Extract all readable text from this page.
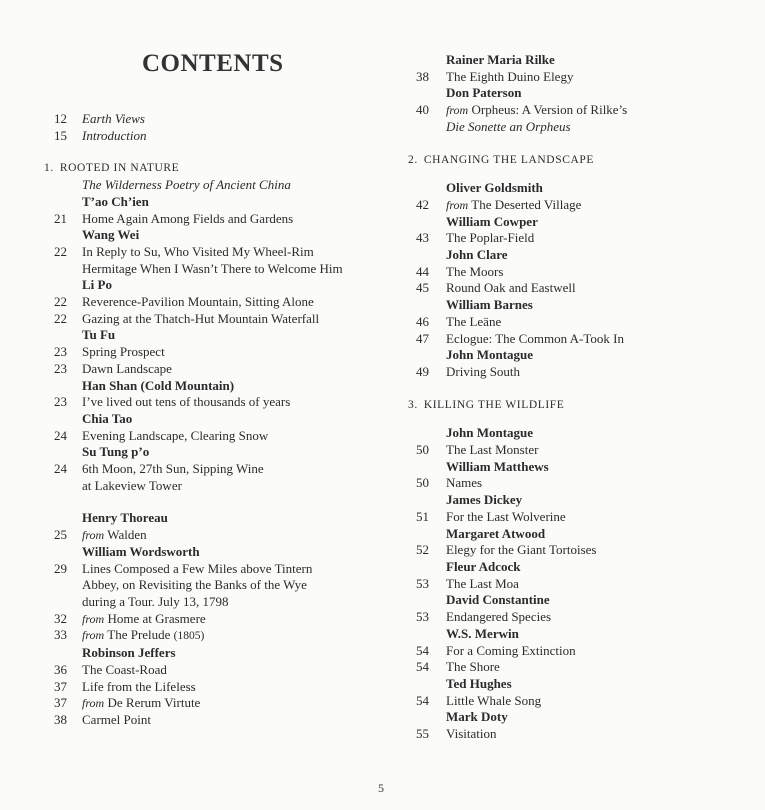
CONTENTS
12	Earth Views
15	Introduction
1. ROOTED IN NATURE
The Wilderness Poetry of Ancient China
T’ao Ch’ien
21	Home Again Among Fields and Gardens
Wang Wei
22	In Reply to Su, Who Visited My Wheel-Rim
Hermitage When I Wasn’t There to Welcome Him
Li Po
22	Reverence-Pavilion Mountain, Sitting Alone
22	Gazing at the Thatch-Hut Mountain Waterfall
Tu Fu
23	Spring Prospect
23	Dawn Landscape
Han Shan (Cold Mountain)
23	I’ve lived out tens of thousands of years
Chia Tao
24	Evening Landscape, Clearing Snow
Su Tung p’o
24	6th Moon, 27th Sun, Sipping Wine
at Lakeview Tower
Henry Thoreau
25	from Walden
William Wordsworth
29	Lines Composed a Few Miles above Tintern
Abbey, on Revisiting the Banks of the Wye
during a Tour. July 13, 1798
32	from Home at Grasmere
33	from The Prelude (1805)
Robinson Jeffers
36	The Coast-Road
37	Life from the Lifeless
37	from De Rerum Virtute
38	Carmel Point
Rainer Maria Rilke
38	The Eighth Duino Elegy
Don Paterson
40	from Orpheus: A Version of Rilke’s
Die Sonette an Orpheus
2. CHANGING THE LANDSCAPE
Oliver Goldsmith
42	from The Deserted Village
William Cowper
43	The Poplar-Field
John Clare
44	The Moors
45	Round Oak and Eastwell
William Barnes
46	The Leäne
47	Eclogue: The Common A-Took In
John Montague
49	Driving South
3. KILLING THE WILDLIFE
John Montague
50	The Last Monster
William Matthews
50	Names
James Dickey
51	For the Last Wolverine
Margaret Atwood
52	Elegy for the Giant Tortoises
Fleur Adcock
53	The Last Moa
David Constantine
53	Endangered Species
W.S. Merwin
54	For a Coming Extinction
54	The Shore
Ted Hughes
54	Little Whale Song
Mark Doty
55	Visitation
5
